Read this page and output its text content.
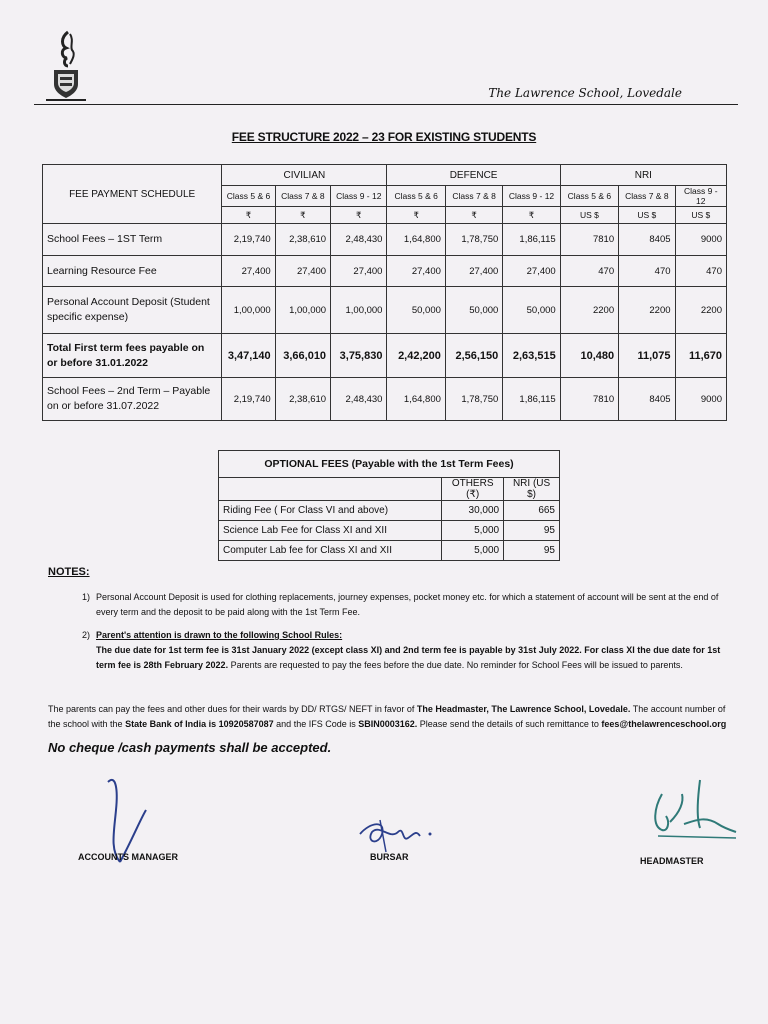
The Lawrence School, Lovedale
FEE STRUCTURE 2022 – 23 FOR EXISTING STUDENTS
FEE PAYMENT SCHEDULE	CIVILIAN			DEFENCE			NRI		
	Class 5 & 6	Class 7 & 8	Class 9 - 12	Class 5 & 6	Class 7 & 8	Class 9 - 12	Class 5 & 6	Class 7 & 8	Class 9 - 12
	₹	₹	₹	₹	₹	₹	US $	US $	US $
School Fees – 1ST Term	2,19,740	2,38,610	2,48,430	1,64,800	1,78,750	1,86,115	7810	8405	9000
Learning Resource Fee	27,400	27,400	27,400	27,400	27,400	27,400	470	470	470
Personal Account Deposit (Student specific expense)	1,00,000	1,00,000	1,00,000	50,000	50,000	50,000	2200	2200	2200
Total First term fees payable on or before 31.01.2022	3,47,140	3,66,010	3,75,830	2,42,200	2,56,150	2,63,515	10,480	11,075	11,670
School Fees – 2nd Term – Payable on or before 31.07.2022	2,19,740	2,38,610	2,48,430	1,64,800	1,78,750	1,86,115	7810	8405	9000
OPTIONAL FEES (Payable with the 1st Term Fees)		
	OTHERS (₹)	NRI (US $)
Riding Fee ( For Class VI and above)	30,000	665
Science Lab Fee for Class XI and XII	5,000	95
Computer Lab fee for Class XI and XII	5,000	95
NOTES:
1) Personal Account Deposit is used for clothing replacements, journey expenses, pocket money etc. for which a statement of account will be sent at the end of every term and the deposit to be paid along with the 1st Term Fee.
2) Parent's attention is drawn to the following School Rules:
The due date for 1st term fee is 31st January 2022 (except class XI) and 2nd term fee is payable by 31st July 2022. For class XI the due date for 1st term fee is 28th February 2022. Parents are requested to pay the fees before the due date. No reminder for School Fees will be issued to parents.
The parents can pay the fees and other dues for their wards by DD/ RTGS/ NEFT in favor of The Headmaster, The Lawrence School, Lovedale. The account number of the school with the State Bank of India is 10920587087 and the IFS Code is SBIN0003162. Please send the details of such remittance to fees@thelawrenceschool.org
No cheque /cash payments shall be accepted.
ACCOUNTS MANAGER	BURSAR	HEADMASTER
